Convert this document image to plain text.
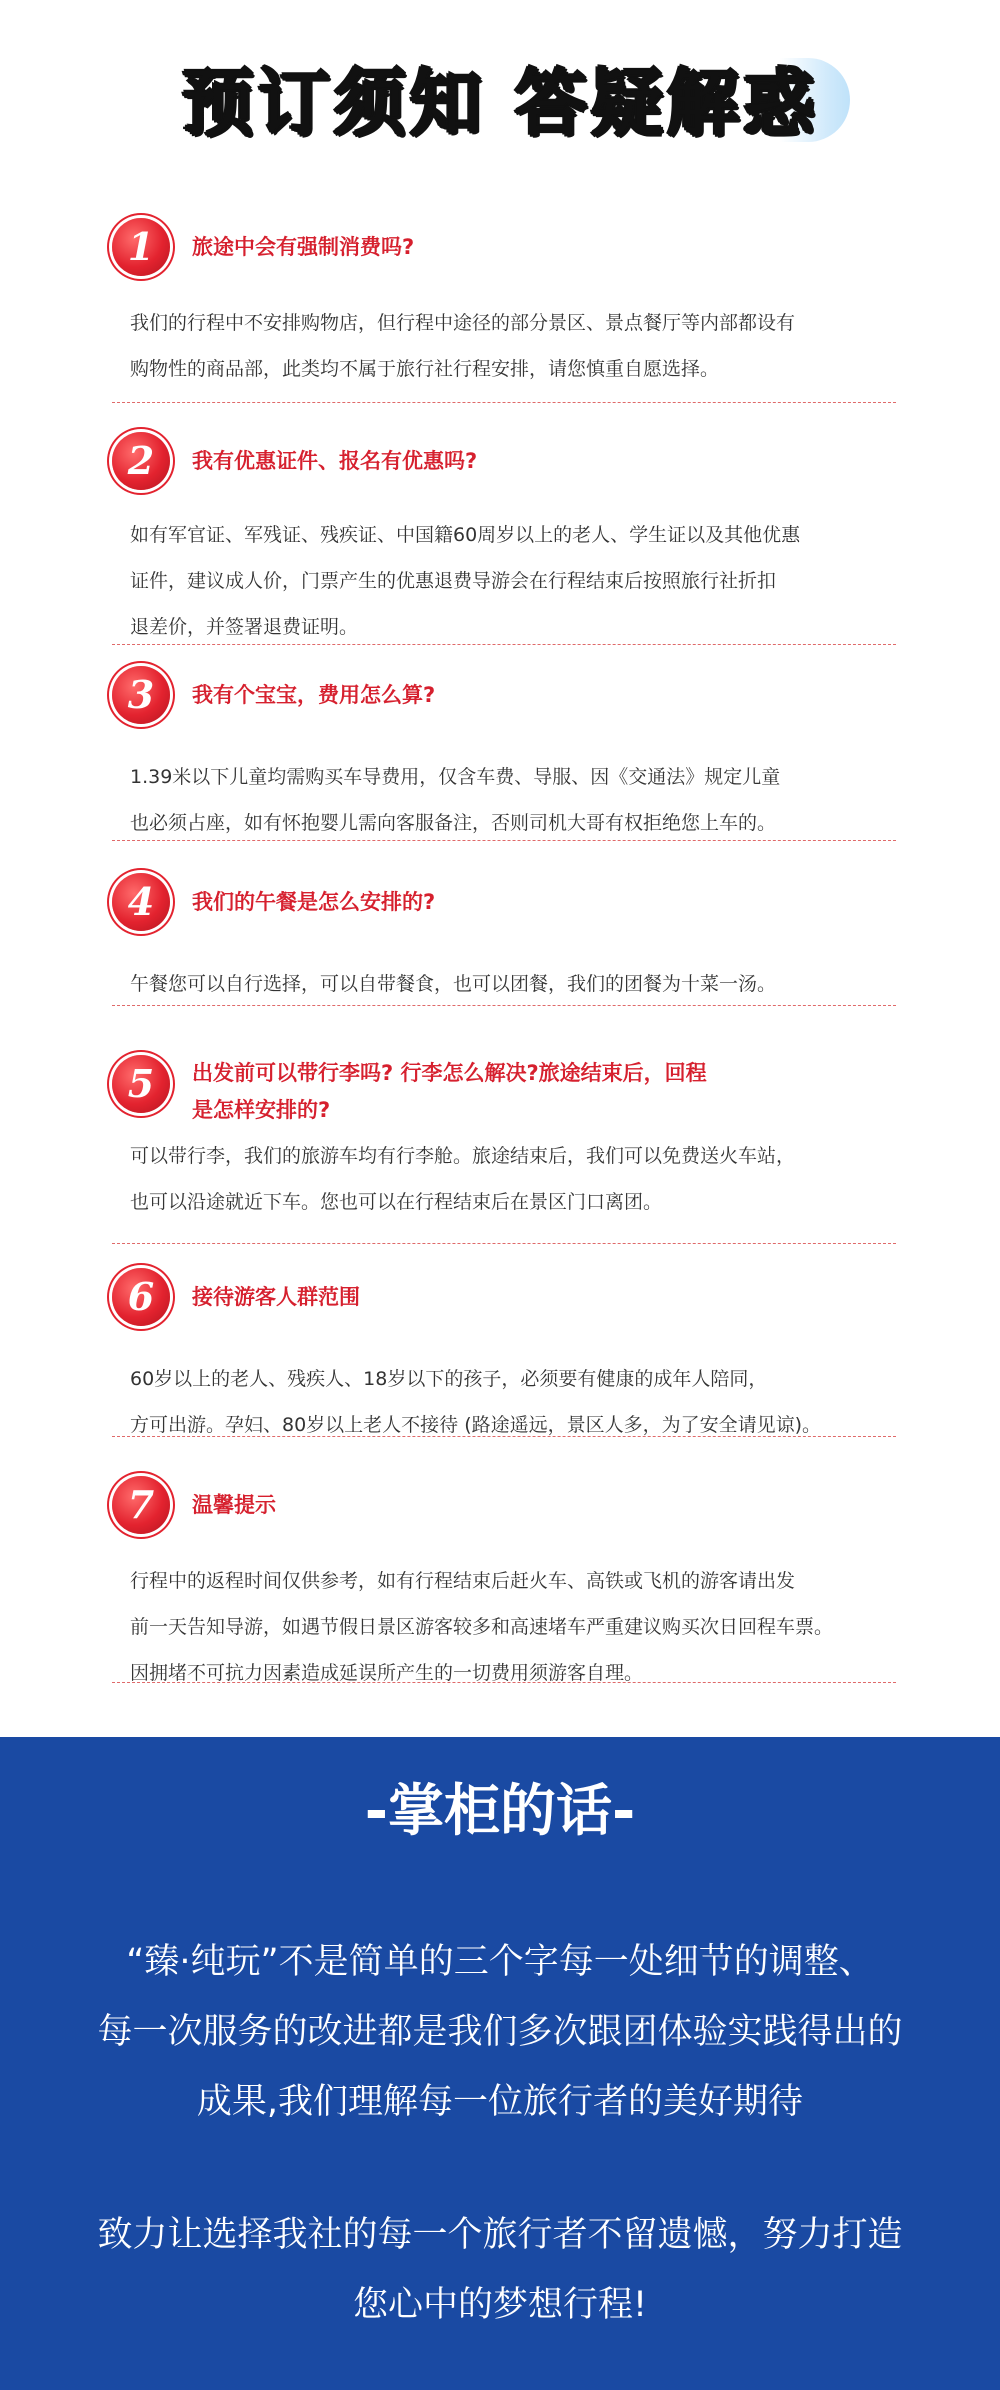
预订须知 答疑解惑
1	旅途中会有强制消费吗?
我们的行程中不安排购物店，但行程中途径的部分景区、景点餐厅等内部都设有
购物性的商品部，此类均不属于旅行社行程安排，请您慎重自愿选择。
2	我有优惠证件、报名有优惠吗?
如有军官证、军残证、残疾证、中国籍60周岁以上的老人、学生证以及其他优惠
证件，建议成人价，门票产生的优惠退费导游会在行程结束后按照旅行社折扣
退差价，并签署退费证明。
3	我有个宝宝，费用怎么算?
1.39米以下儿童均需购买车导费用，仅含车费、导服、因《交通法》规定儿童
也必须占座，如有怀抱婴儿需向客服备注，否则司机大哥有权拒绝您上车的。
4	我们的午餐是怎么安排的?
午餐您可以自行选择，可以自带餐食，也可以团餐，我们的团餐为十菜一汤。
5	出发前可以带行李吗? 行李怎么解决?旅途结束后，回程
是怎样安排的?
可以带行李，我们的旅游车均有行李舱。旅途结束后，我们可以免费送火车站，
也可以沿途就近下车。您也可以在行程结束后在景区门口离团。
6	接待游客人群范围
60岁以上的老人、残疾人、18岁以下的孩子，必须要有健康的成年人陪同，
方可出游。孕妇、80岁以上老人不接待 (路途遥远，景区人多，为了安全请见谅)。
7	温馨提示
行程中的返程时间仅供参考，如有行程结束后赶火车、高铁或飞机的游客请出发
前一天告知导游，如遇节假日景区游客较多和高速堵车严重建议购买次日回程车票。
因拥堵不可抗力因素造成延误所产生的一切费用须游客自理。
-掌柜的话-
“臻·纯玩”不是简单的三个字每一处细节的调整、
每一次服务的改进都是我们多次跟团体验实践得出的
成果,我们理解每一位旅行者的美好期待
致力让选择我社的每一个旅行者不留遗憾，努力打造
您心中的梦想行程!
